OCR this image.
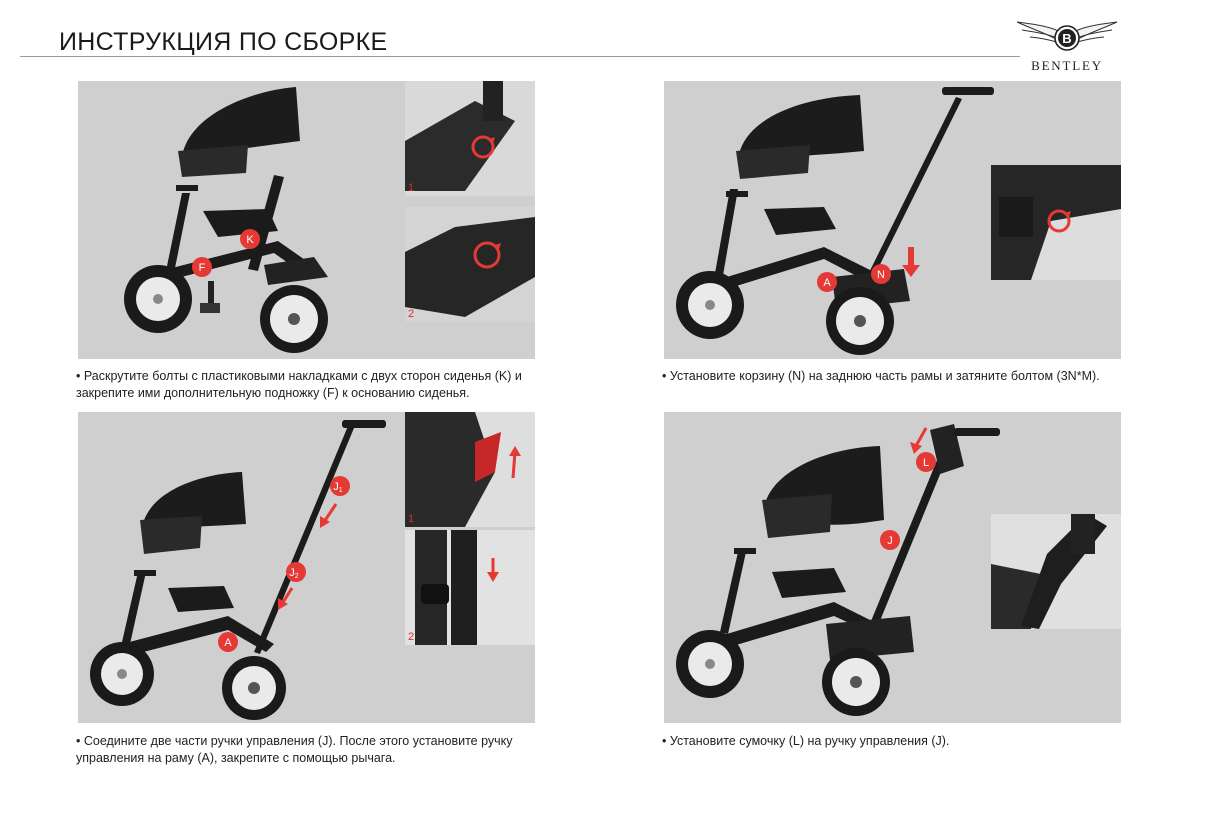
ИНСТРУКЦИЯ ПО СБОРКЕ	B
BENTLEY
K
F
1
2
• Раскрутите болты с пластиковыми накладками с двух сторон сиденья (K) и
закрепите ими дополнительную подножку (F) к основанию сиденья.
A
N
• Установите корзину (N) на заднюю часть рамы и затяните болтом (3N*M).
J1
J2
A
1
2
• Соедините две части ручки управления (J). После этого установите ручку
управления на раму (A), закрепите с помощью рычага.
L
J
• Установите сумочку (L) на ручку управления (J).
